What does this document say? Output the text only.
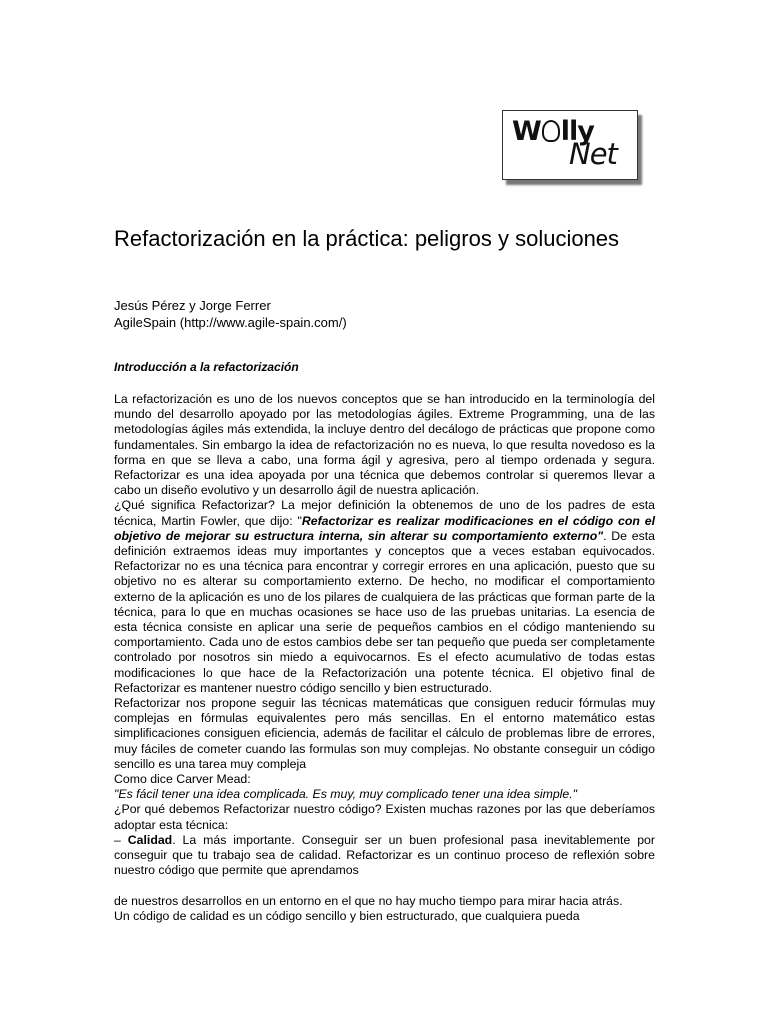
W lly
Net
Refactorización en la práctica: peligros y soluciones
Jesús Pérez y Jorge Ferrer
AgileSpain (http://www.agile-spain.com/)
Introducción a la refactorización

La refactorización es uno de los nuevos conceptos que se han introducido en la terminología del mundo del desarrollo apoyado por las metodologías ágiles. Extreme Programming, una de las metodologías ágiles más extendida, la incluye dentro del decálogo de prácticas que propone como fundamentales. Sin embargo la idea de refactorización no es nueva, lo que resulta novedoso es la forma en que se lleva a cabo, una forma ágil y agresiva, pero al tiempo ordenada y segura. Refactorizar es una idea apoyada por una técnica que debemos controlar si queremos llevar a cabo un diseño evolutivo y un desarrollo ágil de nuestra aplicación.

¿Qué significa Refactorizar? La mejor definición la obtenemos de uno de los padres de esta técnica, Martin Fowler, que dijo: "Refactorizar es realizar modificaciones en el código con el objetivo de mejorar su estructura interna, sin alterar su comportamiento externo". De esta definición extraemos ideas muy importantes y conceptos que a veces estaban equivocados. Refactorizar no es una técnica para encontrar y corregir errores en una aplicación, puesto que su objetivo no es alterar su comportamiento externo. De hecho, no modificar el comportamiento externo de la aplicación es uno de los pilares de cualquiera de las prácticas que forman parte de la técnica, para lo que en muchas ocasiones se hace uso de las pruebas unitarias. La esencia de esta técnica consiste en aplicar una serie de pequeños cambios en el código manteniendo su comportamiento. Cada uno de estos cambios debe ser tan pequeño que pueda ser completamente controlado por nosotros sin miedo a equivocarnos. Es el efecto acumulativo de todas estas modificaciones lo que hace de la Refactorización una potente técnica. El objetivo final de Refactorizar es mantener nuestro código sencillo y bien estructurado.

Refactorizar nos propone seguir las técnicas matemáticas que consiguen reducir fórmulas muy complejas en fórmulas equivalentes pero más sencillas. En el entorno matemático estas simplificaciones consiguen eficiencia, además de facilitar el cálculo de problemas libre de errores, muy fáciles de cometer cuando las formulas son muy complejas. No obstante conseguir un código sencillo es una tarea muy compleja

Como dice Carver Mead:

"Es fácil tener una idea complicada. Es muy, muy complicado tener una idea simple."

¿Por qué debemos Refactorizar nuestro código? Existen muchas razones por las que deberíamos adoptar esta técnica:

– Calidad. La más importante. Conseguir ser un buen profesional pasa inevitablemente por conseguir que tu trabajo sea de calidad. Refactorizar es un continuo proceso de reflexión sobre nuestro código que permite que aprendamos

de nuestros desarrollos en un entorno en el que no hay mucho tiempo para mirar hacia atrás.

Un código de calidad es un código sencillo y bien estructurado, que cualquiera pueda
